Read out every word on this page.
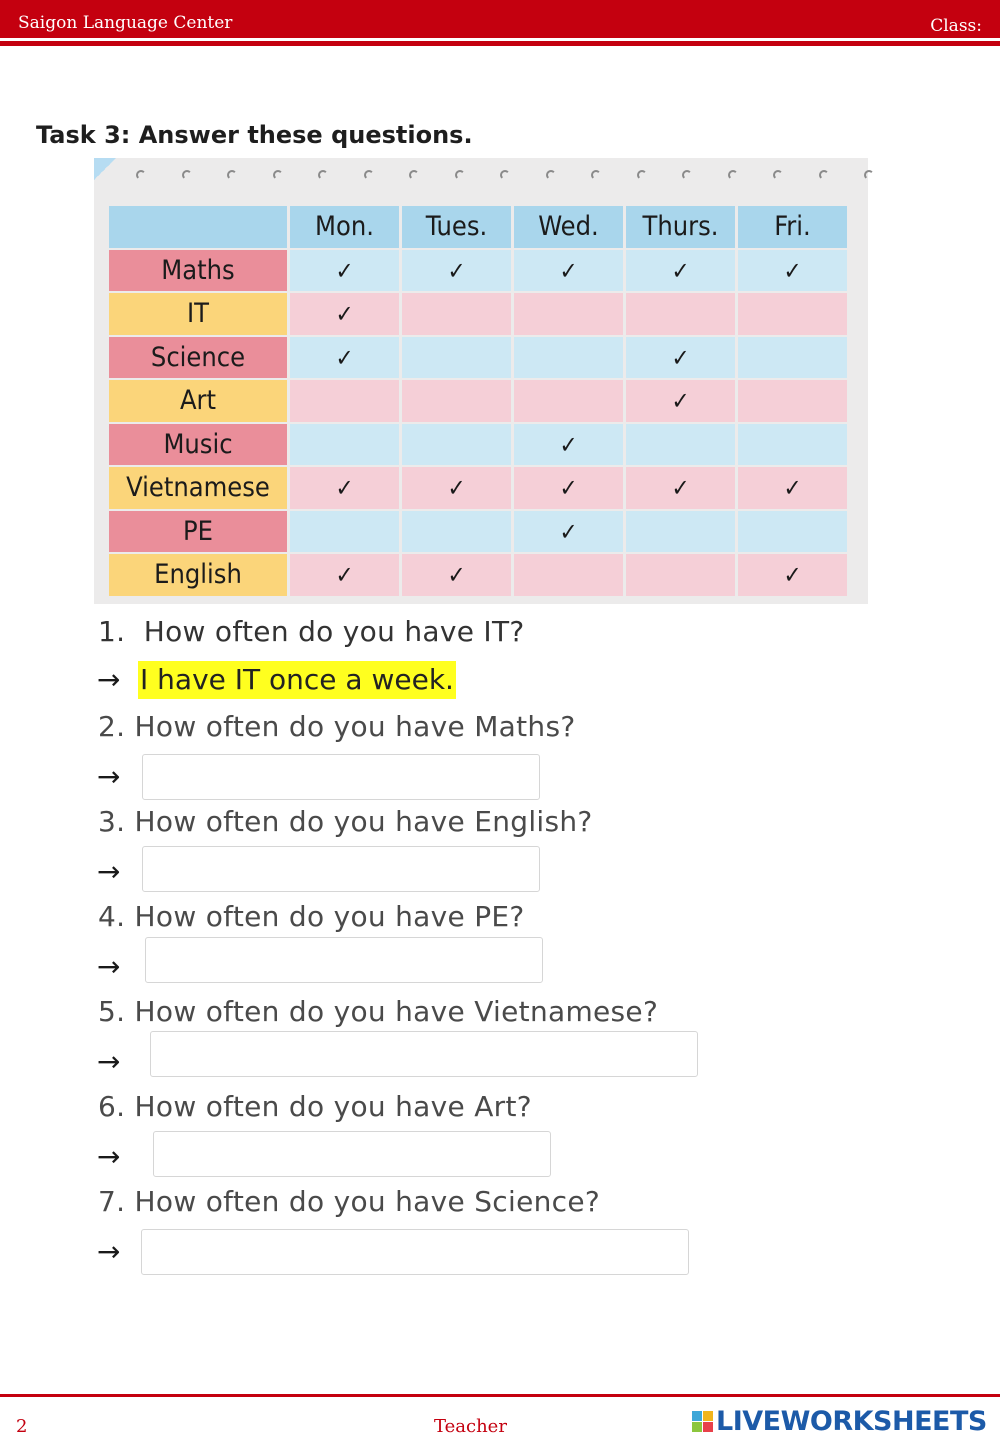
Saigon Language Center	Class:
Task 3: Answer these questions.
	Mon.	Tues.	Wed.	Thurs.	Fri.
Maths	✓	✓	✓	✓	✓
IT	✓				
Science	✓			✓	
Art				✓	
Music			✓		
Vietnamese	✓	✓	✓	✓	✓
PE			✓		
English	✓	✓			✓
1. How often do you have IT?
→ I have IT once a week.
2. How often do you have Maths?
→
3. How often do you have English?
→
4. How often do you have PE?
→
5. How often do you have Vietnamese?
→
6. How often do you have Art?
→
7. How often do you have Science?
→
2	Teacher	LIVEWORKSHEETS
